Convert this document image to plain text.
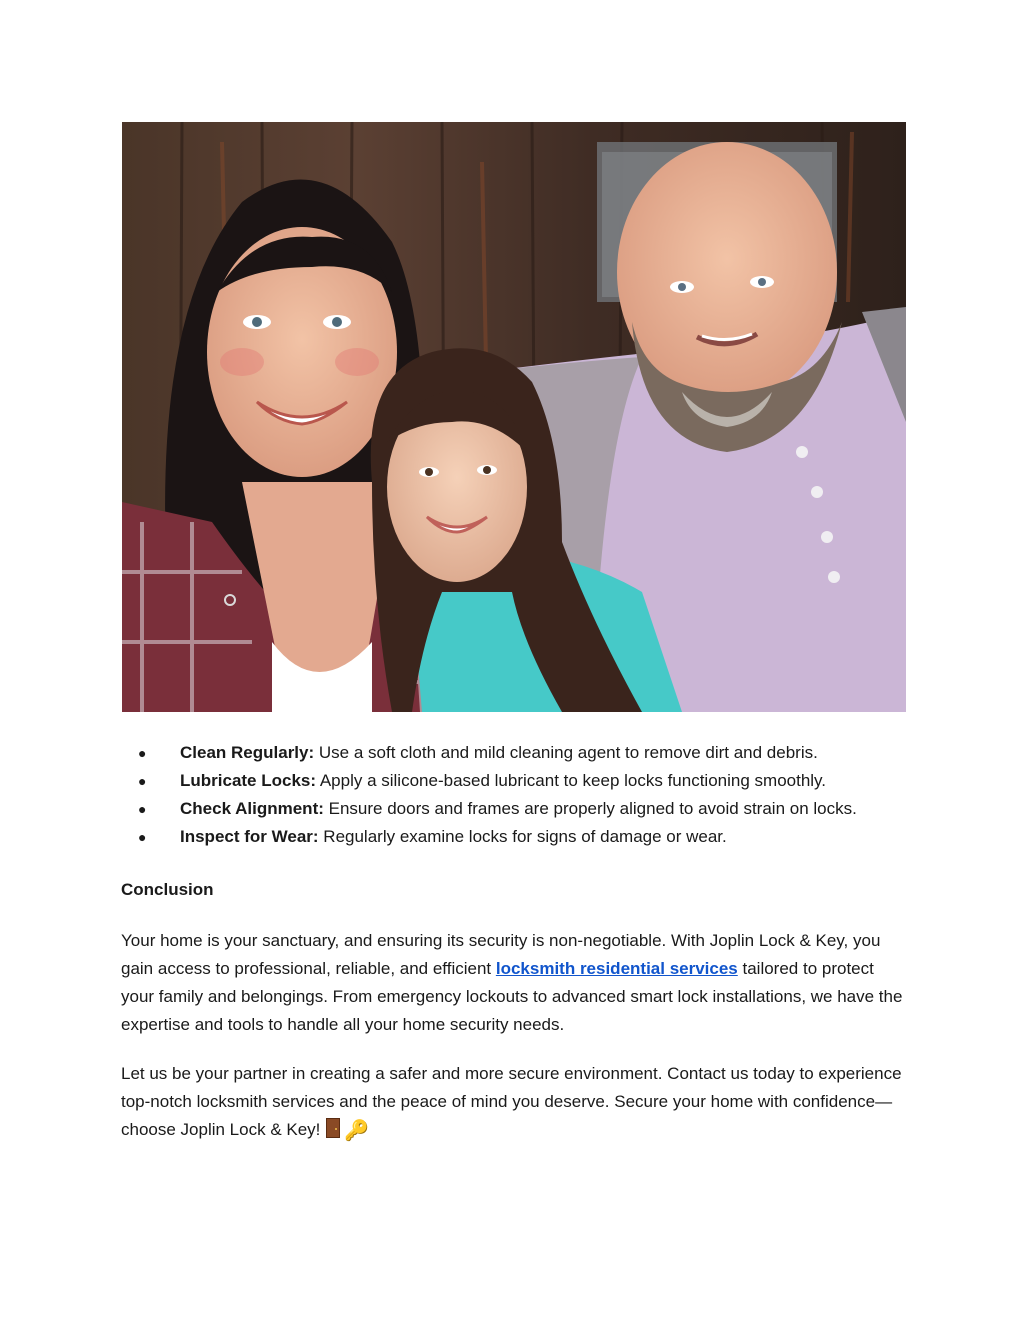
● Clean Regularly: Use a soft cloth and mild cleaning agent to remove dirt and debris.
● Lubricate Locks: Apply a silicone-based lubricant to keep locks functioning smoothly.
● Check Alignment: Ensure doors and frames are properly aligned to avoid strain on locks.
● Inspect for Wear: Regularly examine locks for signs of damage or wear.
Conclusion

Your home is your sanctuary, and ensuring its security is non-negotiable. With Joplin Lock & Key, you gain access to professional, reliable, and efficient locksmith residential services tailored to protect your family and belongings. From emergency lockouts to advanced smart lock installations, we have the expertise and tools to handle all your home security needs.

Let us be your partner in creating a safer and more secure environment. Contact us today to experience top-notch locksmith services and the peace of mind you deserve. Secure your home with confidence—choose Joplin Lock & Key! 🔑
